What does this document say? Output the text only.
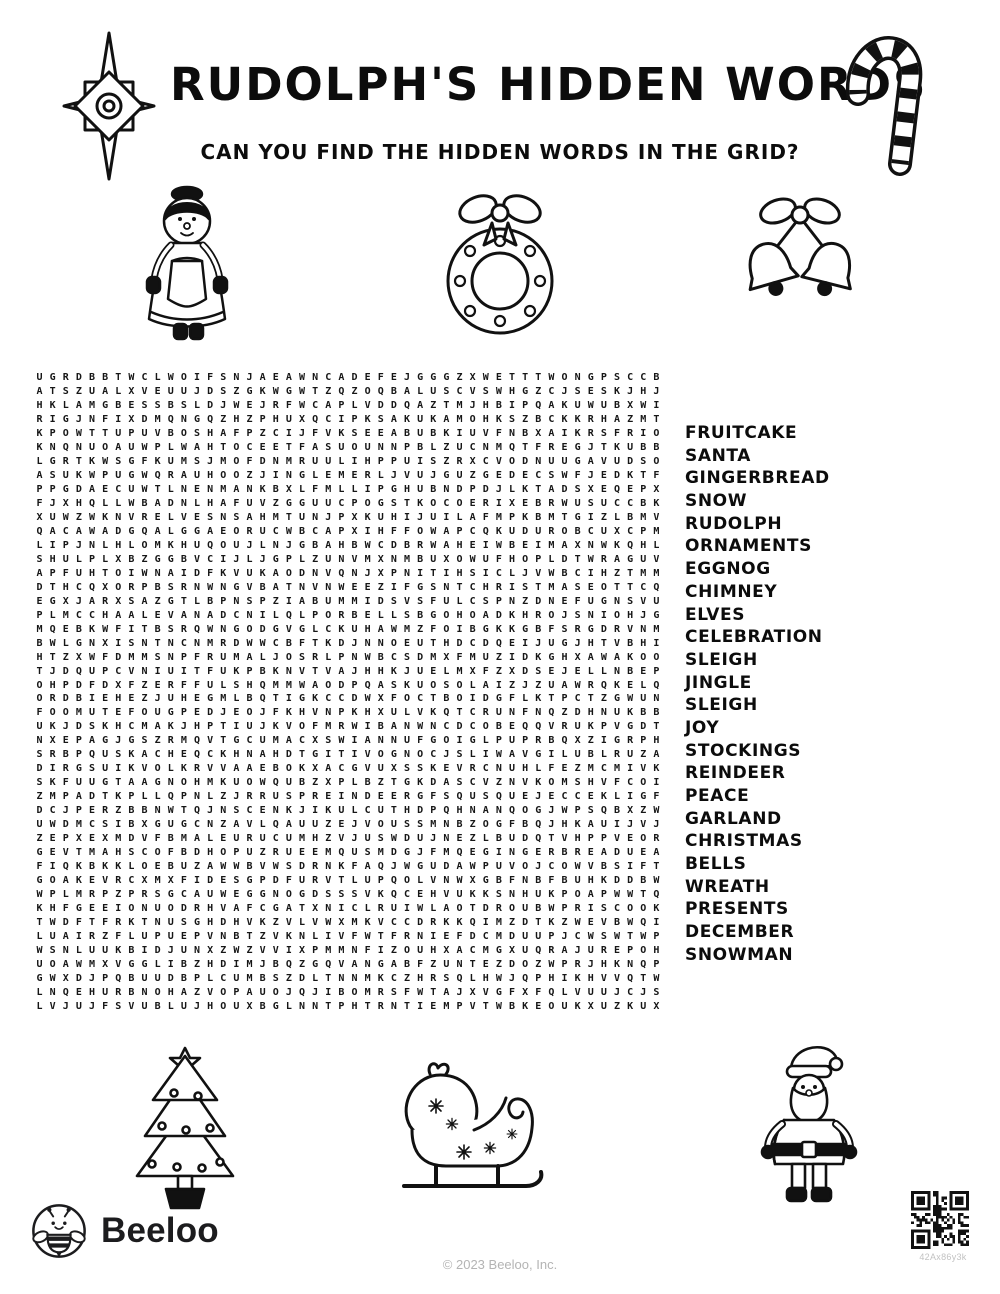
RUDOLPH'S HIDDEN WORDS
CAN YOU FIND THE HIDDEN WORDS IN THE GRID?
U G R D B B T W C L W O I F S N J A E A W N C A D E F E J G G G Z X W E T T T W O N G P S C C B
A T S Z U A L X V E U U J D S Z G K W G W T Z Q Z O Q B A L U S C V S W H G Z C J S E S K J H J
H K L A M G B E S S B S L D J W E J R F W C A P L V D D Q A Z T M J H B I P Q A K U W U B X W I
R I G J N F I X D M Q N G Q Z H Z P H U X Q C I P K S A K U K A M O H K S Z B C K K R H A Z M T
K P O W T T U P U V B O S H A F P Z C I J F V K S E E A B U B K I U V F N B X A I K R S F R I O
K N Q N U O A U W P L W A H T O C E E T F A S U O U N N P B L Z U C N M Q T F R E G J T K U B B
L G R T K W S G F K U M S J M O F D N M R U U L I H P P U I S Z R X C V O D N U U G A V U D S O
A S U K W P U G W Q R A U H O O Z J I N G L E M E R L J V U J G U Z G E D E C S W F J E D K T F
P P G D A E C U W T L N E N M A N K B X L F M L L I P G H U B N D P D J L K T A D S X E Q E P X
F J X H Q L L W B A D N L H A F U V Z G G U U C P O G S T K O C O E R I X E B R W U S U C C B K
X U W Z W K N V R E L V E S N S A H M T U N J P X K U H I J U I L A F M P K B M T G I Z L B M V
Q A C A W A D G Q A L G G A E O R U C W B C A P X I H F F O W A P C Q K U D U R O B C U X C P M
L I P J N L H L O M K H U Q O U J L N J G B A H B W C D B R W A H E I W B E I M A X N W K Q H L
S H U L P L X B Z G G B V C I J L J G P L Z U N V M X N M B U X O W U F H O P L D T W R A G U V
A P F U H T O I W N A I D F K V U K A O D N V Q N J X P N I T I H S I C L J V W B C I H Z T M M
D T H C Q X O R P B S R N W N G V B A T N V N W E E Z I F G S N T C H R I S T M A S E O T T C Q
E G X J A R X S A Z G T L B P N S P Z I A B U M M I D S V S F U L C S P N Z D N E F U G N S V U
P L M C C H A A L E V A N A D C N I L Q L P O R B E L L S B G O H O A D K H R O J S N I O H J G
M Q E B K W F I T B S R Q W N G O D G V G L C K U H A W M Z F O I B G K K G B F S R G D R V N M
B W L G N X I S N T N C N M R D W W C B F T K D J N N O E U T H D C D Q E I J U G J H T V B H I
H T Z X W F D M M S N P F R U M A L J O S R L P N W B C S D M X F M U Z I D K G H X A W A K O O
T J D Q U P C V N I U I T F U K P B K N V T V A J H H K J U E L M X F Z X D S E J E L L N B E P
O H P D F D X F Z E R F F U L S H Q M M W A O D P Q A S K U O S O L A I Z J Z U A W R Q K E L Q
O R D B I E H E Z J U H E G M L B Q T I G K C C D W X F O C T B O I D G F L K T P C T Z G W U N
F O O M U T E F O U G P E D J E O J F K H V N P K H X U L V K Q T C R U N F N Q Z D H N U K B B
U K J D S K H C M A K J H P T I U J K V O F M R W I B A N W N C D C O B E Q Q V R U K P V G D T
N X E P A G J G S Z R M Q V T G C U M A C X S W I A N N U F G O I G L P U P R B Q X Z I G R P H
S R B P Q U S K A C H E Q C K H N A H D T G I T I V O G N O C J S L I W A V G I L U B L R U Z A
D I R G S U I K V O L K R V V A A E B O K X A C G V U X S S K E V R C N U H L F E Z M C M I V K
S K F U U G T A A G N O H M K U O W Q U B Z X P L B Z T G K D A S C V Z N V K O M S H V F C O I
Z M P A D T K P L L Q P N L Z J R R U S P R E I N D E E R G F S Q U S Q U E J E C C E K L I G F
D C J P E R Z B B N W T Q J N S C E N K J I K U L C U T H D P Q H N A N Q O G J W P S Q B X Z W
U W D M C S I B X G U G C N Z A V L Q A U U Z E J V O U S S M N B Z O G F B Q J H K A U I J V J
Z E P X E X M D V F B M A L E U R U C U M H Z V J U S W D U J N E Z L B U D Q T V H P P V E O R
G E V T M A H S C O F B D H O P U Z R U E E M Q U S M D G J F M Q E G I N G E R B R E A D U E A
F I Q K B K K L O E B U Z A W W B V W S D R N K F A Q J W G U D A W P U V O J C O W V B S I F T
G O A K E V R C X M X F I D E S G P D F U R V T L U P Q O L V N W X G B F N B F B U H K D D B W
W P L M R P Z P R S G C A U W E G G N O G D S S S V K Q C E H V U K K S N H U K P O A P W W T Q
K H F G E E I O N U O D R H V A F C G A T X N I C L R U I W L A O T D R O U B W P R I S C O O K
T W D F T F R K T N U S G H D H V K Z V L V W X M K V C C D R K K Q I M Z D T K Z W E V B W Q I
L U A I R Z F L U P U E P V N B T Z V K N L I V F W T F R N I E F D C M D U U P J C W S W T W P
W S N L U U K B I D J U N X Z W Z V V I X P M M N F I Z O U H X A C M G X U Q R A J U R E P O H
U O A W M X V G G L I B Z H D I M J B Q Z G Q V A N G A B F Z U N T E Z D O Z W P R J H K N Q P
G W X D J P Q B U U D B P L C U M B S Z D L T N N M K C Z H R S Q L H W J Q P H I K H V V Q T W
L N Q E H U R B N O H A Z V O P A U O J Q J I B O M R S F W T A J X V G F X F Q L V U U J C J S
L V J U J F S V U B L U J H O U X B G L N N T P H T R N T I E M P V T W B K E O U K X U Z K U X
FRUITCAKE
SANTA
GINGERBREAD
SNOW
RUDOLPH
ORNAMENTS
EGGNOG
CHIMNEY
ELVES
CELEBRATION
SLEIGH
JINGLE
SLEIGH
JOY
STOCKINGS
REINDEER
PEACE
GARLAND
CHRISTMAS
BELLS
WREATH
PRESENTS
DECEMBER
SNOWMAN
Beeloo
© 2023 Beeloo, Inc.	42Ax86y3k
